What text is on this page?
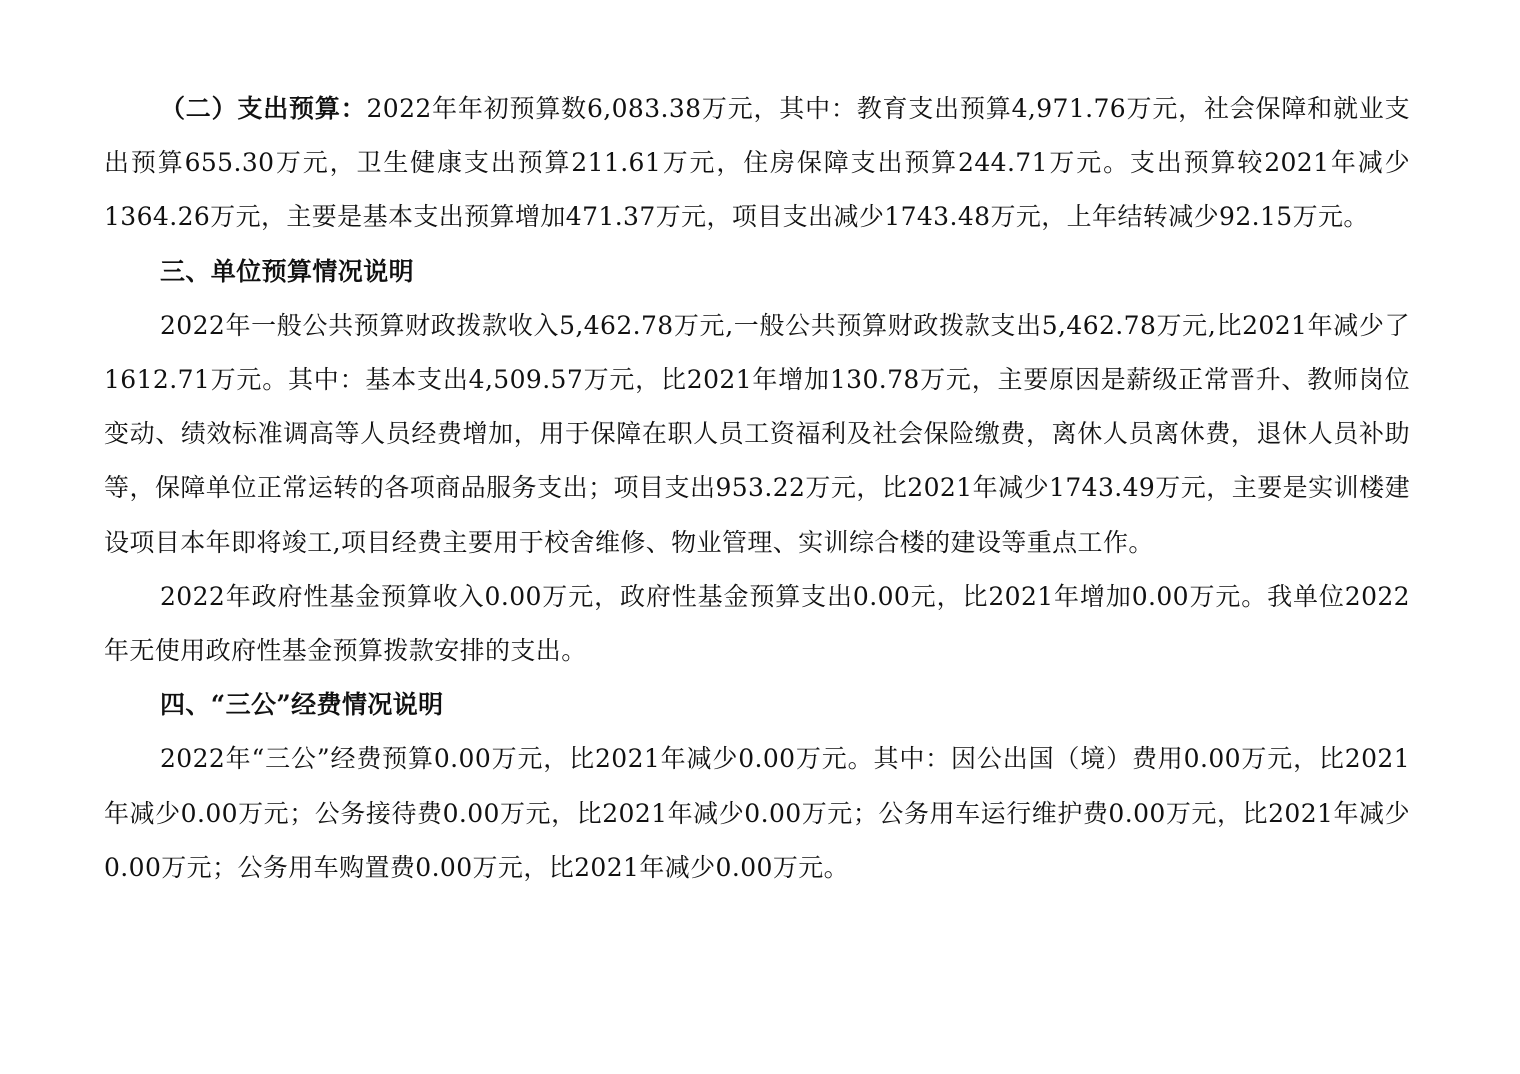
（二）支出预算：2022年年初预算数6,083.38万元，其中：教育支出预算4,971.76万元，社会保障和就业支出预算655.30万元，卫生健康支出预算211.61万元，住房保障支出预算244.71万元。支出预算较2021年减少1364.26万元，主要是基本支出预算增加471.37万元，项目支出减少1743.48万元，上年结转减少92.15万元。

三、单位预算情况说明

2022年一般公共预算财政拨款收入5,462.78万元,一般公共预算财政拨款支出5,462.78万元,比2021年减少了1612.71万元。其中：基本支出4,509.57万元，比2021年增加130.78万元，主要原因是薪级正常晋升、教师岗位变动、绩效标准调高等人员经费增加，用于保障在职人员工资福利及社会保险缴费，离休人员离休费，退休人员补助等，保障单位正常运转的各项商品服务支出；项目支出953.22万元，比2021年减少1743.49万元，主要是实训楼建设项目本年即将竣工,项目经费主要用于校舍维修、物业管理、实训综合楼的建设等重点工作。

2022年政府性基金预算收入0.00万元，政府性基金预算支出0.00元，比2021年增加0.00万元。我单位2022年无使用政府性基金预算拨款安排的支出。

四、“三公”经费情况说明

2022年“三公”经费预算0.00万元，比2021年减少0.00万元。其中：因公出国（境）费用0.00万元，比2021年减少0.00万元；公务接待费0.00万元，比2021年减少0.00万元；公务用车运行维护费0.00万元，比2021年减少0.00万元；公务用车购置费0.00万元，比2021年减少0.00万元。
